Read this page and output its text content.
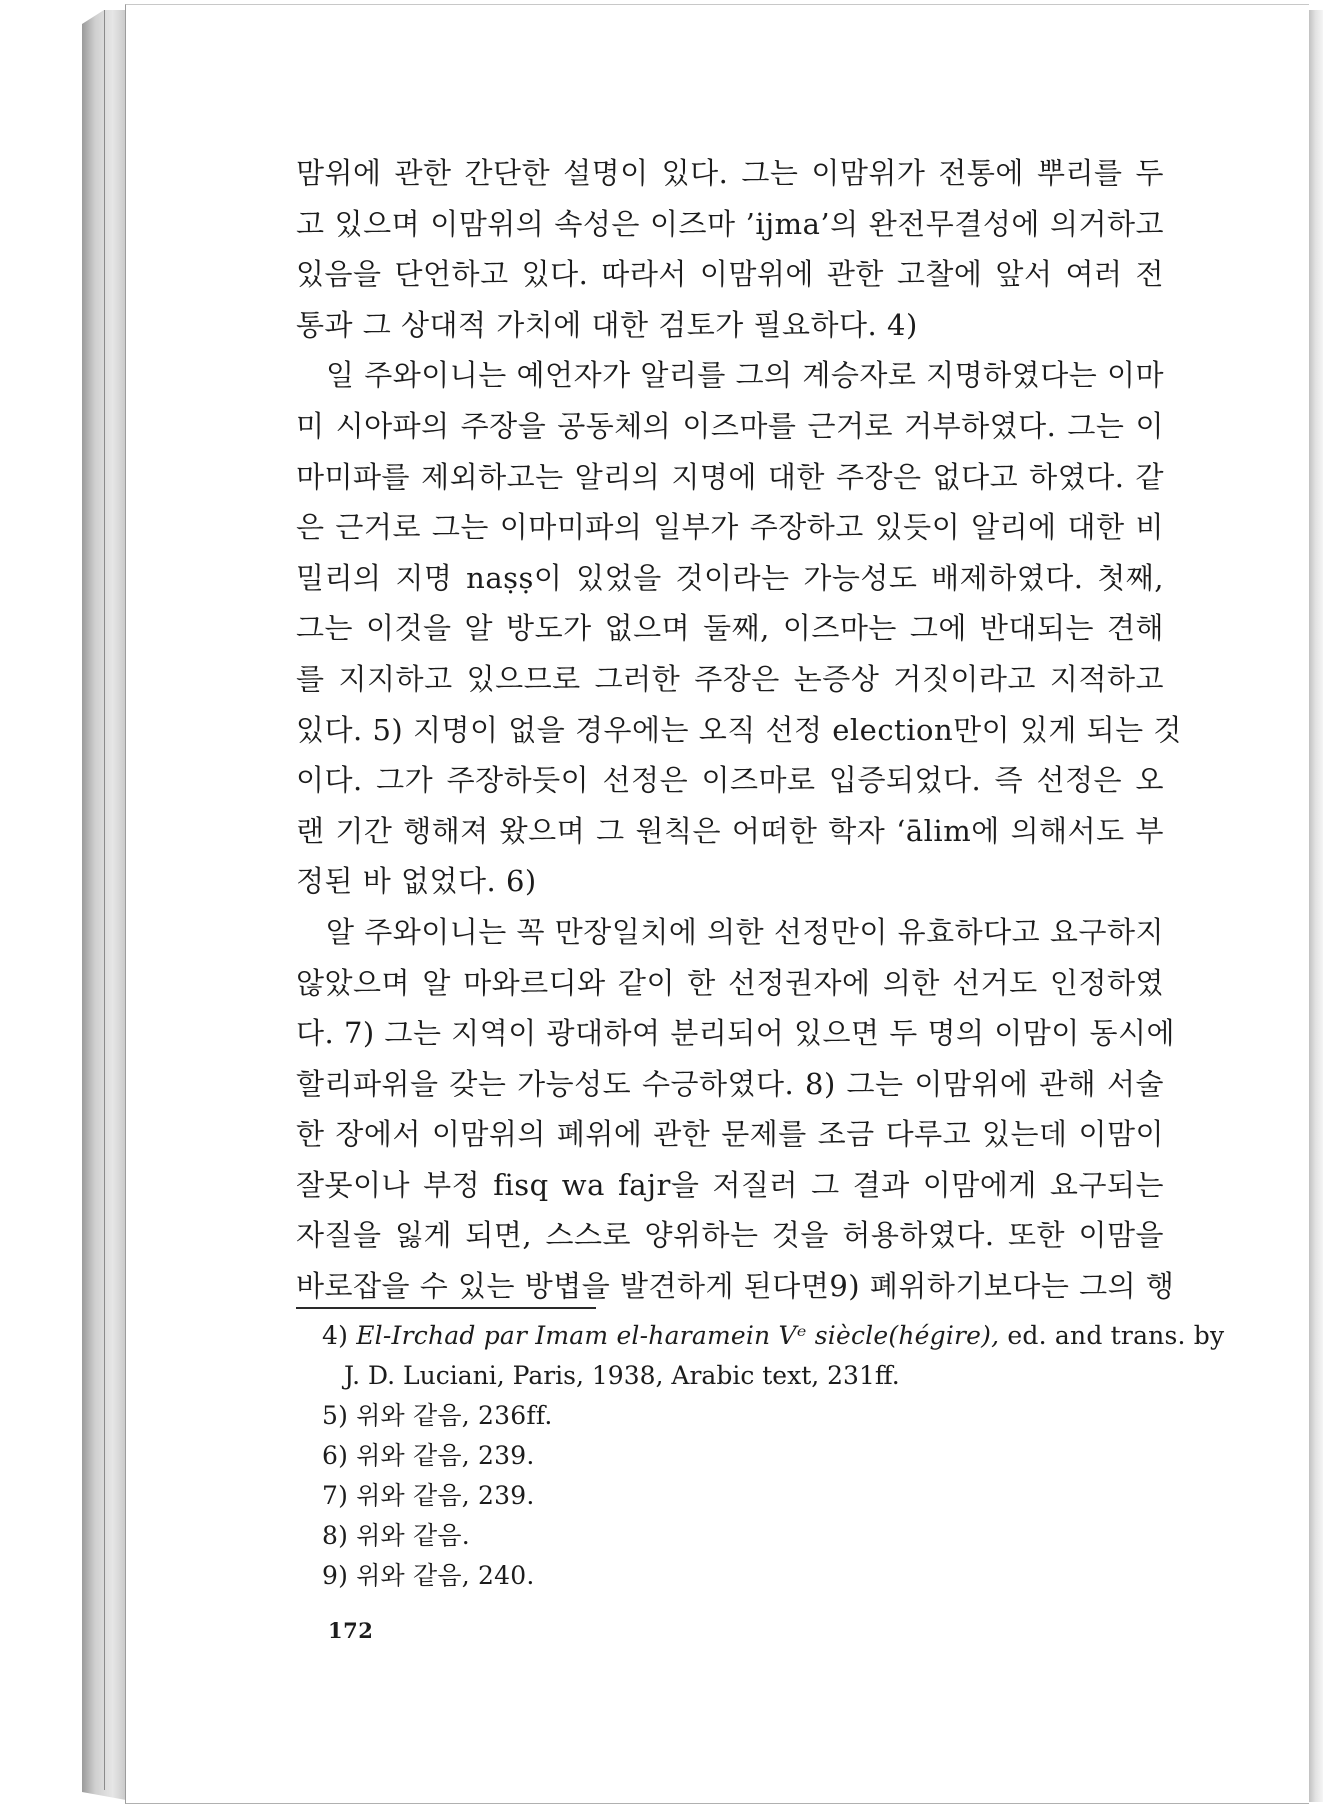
맘위에 관한 간단한 설명이 있다. 그는 이맘위가 전통에 뿌리를 두
고 있으며 이맘위의 속성은 이즈마 ’ijma’의 완전무결성에 의거하고
있음을 단언하고 있다. 따라서 이맘위에 관한 고찰에 앞서 여러 전
통과 그 상대적 가치에 대한 검토가 필요하다. 4)
일 주와이니는 예언자가 알리를 그의 계승자로 지명하였다는 이마
미 시아파의 주장을 공동체의 이즈마를 근거로 거부하였다. 그는 이
마미파를 제외하고는 알리의 지명에 대한 주장은 없다고 하였다. 같
은 근거로 그는 이마미파의 일부가 주장하고 있듯이 알리에 대한 비
밀리의 지명 naṣṣ이 있었을 것이라는 가능성도 배제하였다. 첫째,
그는 이것을 알 방도가 없으며 둘째, 이즈마는 그에 반대되는 견해
를 지지하고 있으므로 그러한 주장은 논증상 거짓이라고 지적하고
있다. 5) 지명이 없을 경우에는 오직 선정 election만이 있게 되는 것
이다. 그가 주장하듯이 선정은 이즈마로 입증되었다. 즉 선정은 오
랜 기간 행해져 왔으며 그 원칙은 어떠한 학자 ‘ālim에 의해서도 부
정된 바 없었다. 6)
알 주와이니는 꼭 만장일치에 의한 선정만이 유효하다고 요구하지
않았으며 알 마와르디와 같이 한 선정권자에 의한 선거도 인정하였
다. 7) 그는 지역이 광대하여 분리되어 있으면 두 명의 이맘이 동시에
할리파위을 갖는 가능성도 수긍하였다. 8) 그는 이맘위에 관해 서술
한 장에서 이맘위의 폐위에 관한 문제를 조금 다루고 있는데 이맘이
잘못이나 부정 fisq wa fajr을 저질러 그 결과 이맘에게 요구되는
자질을 잃게 되면, 스스로 양위하는 것을 허용하였다. 또한 이맘을
바로잡을 수 있는 방볍을 발견하게 된다면9) 폐위하기보다는 그의 행
4) El-Irchad par Imam el-haramein Vᵉ siècle(hégire), ed. and trans. by
J. D. Luciani, Paris, 1938, Arabic text, 231ff.
5) 위와 같음, 236ff.
6) 위와 같음, 239.
7) 위와 같음, 239.
8) 위와 같음.
9) 위와 같음, 240.
172
